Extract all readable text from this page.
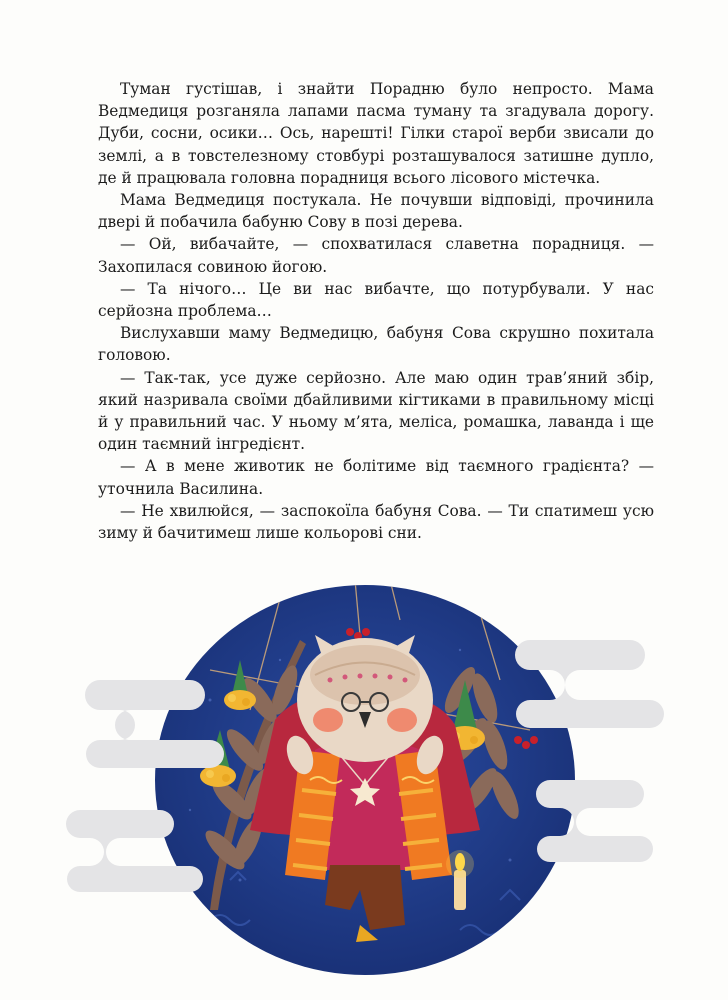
Туман густішав, і знайти Порадню було непросто. Мама Ведмедиця розганяла лапами пасма туману та згадувала дорогу. Дуби, сосни, осики… Ось, нарешті! Гілки старої верби звисали до землі, а в товстелезному стовбурі розташувалося затишне дупло, де й працювала головна порадниця всього лісового містечка.

Мама Ведмедиця постукала. Не почувши відповіді, прочинила двері й побачила бабуню Сову в позі дерева.

— Ой, вибачайте, — спохватилася славетна порадниця. — Захопилася совиною йогою.

— Та нічого… Це ви нас вибачте, що потурбували. У нас серйозна проблема…

Вислухавши маму Ведмедицю, бабуня Сова скрушно похитала головою.

— Так-так, усе дуже серйозно. Але маю один трав’яний збір, який назривала своїми дбайливими кігтиками в правильному місці й у правильний час. У ньому м’ята, меліса, ромашка, лаванда і ще один таємний інгредієнт.

— А в мене животик не болітиме від таємного градієнта? — уточнила Василина.

— Не хвилюйся, — заспокоїла бабуня Сова. — Ти спатимеш усю зиму й бачитимеш лише кольорові сни.
